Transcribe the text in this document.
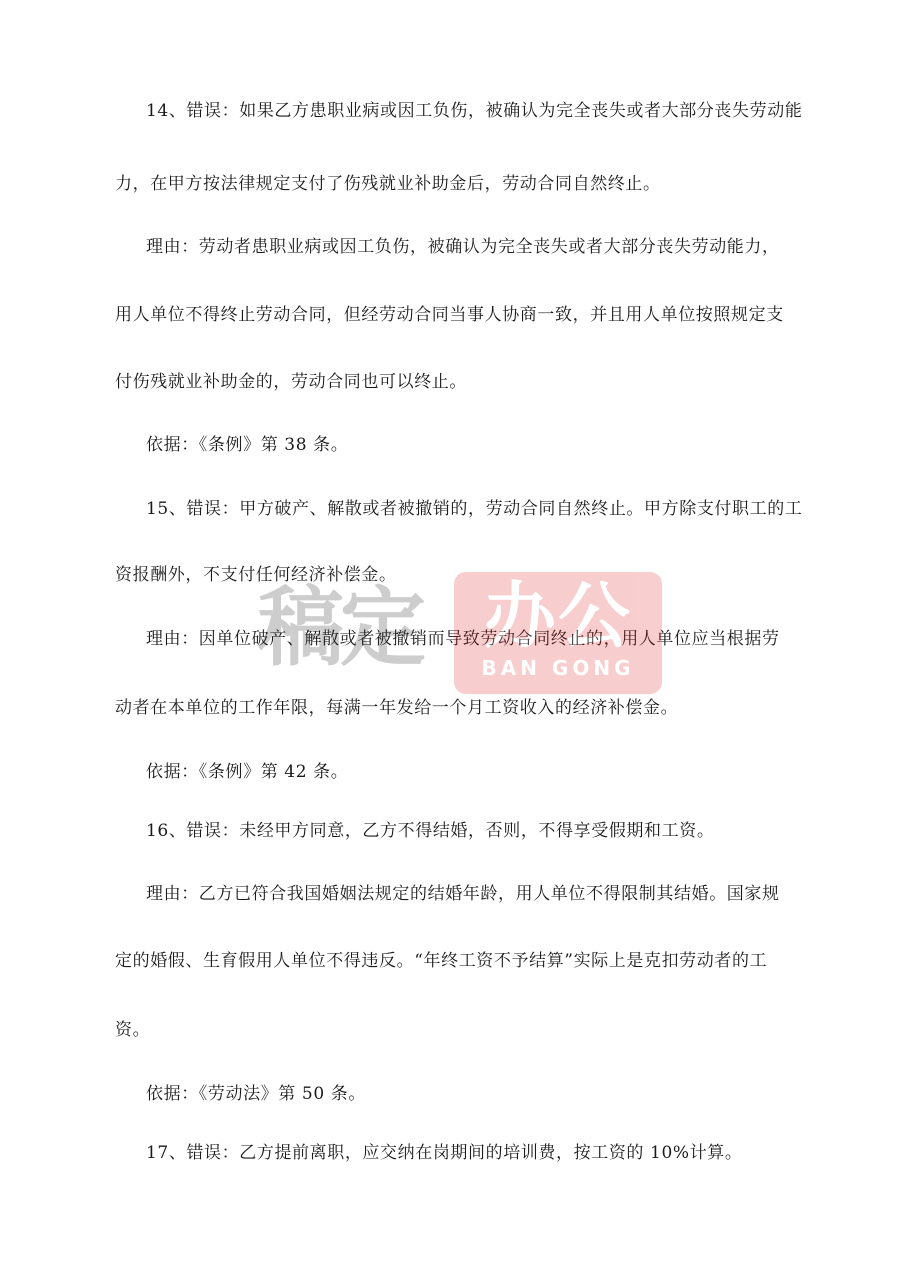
14、错误：如果乙方患职业病或因工负伤，被确认为完全丧失或者大部分丧失劳动能
力，在甲方按法律规定支付了伤残就业补助金后，劳动合同自然终止。
理由：劳动者患职业病或因工负伤，被确认为完全丧失或者大部分丧失劳动能力，
用人单位不得终止劳动合同，但经劳动合同当事人协商一致，并且用人单位按照规定支
付伤残就业补助金的，劳动合同也可以终止。
依据：《条例》第 38 条。
15、错误：甲方破产、解散或者被撤销的，劳动合同自然终止。甲方除支付职工的工
资报酬外，不支付任何经济补偿金。
理由：因单位破产、解散或者被撤销而导致劳动合同终止的，用人单位应当根据劳
动者在本单位的工作年限，每满一年发给一个月工资收入的经济补偿金。
依据：《条例》第 42 条。
16、错误：未经甲方同意，乙方不得结婚，否则，不得享受假期和工资。
理由：乙方已符合我国婚姻法规定的结婚年龄，用人单位不得限制其结婚。国家规
定的婚假、生育假用人单位不得违反。“年终工资不予结算”实际上是克扣劳动者的工
资。
依据：《劳动法》第 50 条。
17、错误：乙方提前离职，应交纳在岗期间的培训费，按工资的 10%计算。
稿定 办公
BAN GONG
